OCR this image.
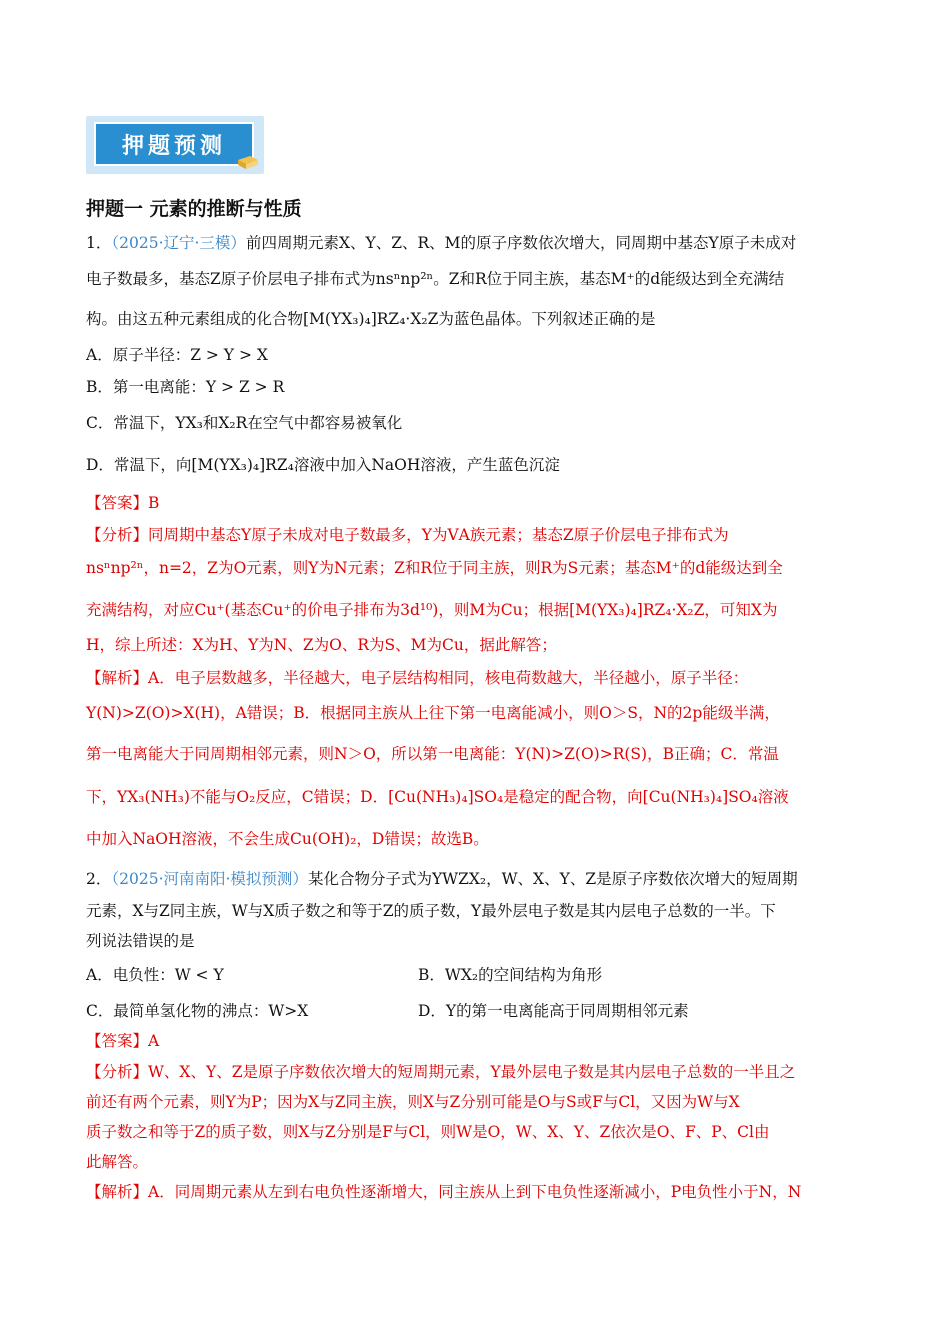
押题预测
押题一 元素的推断与性质
1．（2025·辽宁·三模）前四周期元素X、Y、Z、R、M的原子序数依次增大，同周期中基态Y原子未成对
电子数最多，基态Z原子价层电子排布式为nsⁿnp²ⁿ。Z和R位于同主族，基态M⁺的d能级达到全充满结
构。由这五种元素组成的化合物[M(YX₃)₄]RZ₄·X₂Z为蓝色晶体。下列叙述正确的是
A．原子半径：Z > Y > X
B．第一电离能：Y > Z > R
C．常温下，YX₃和X₂R在空气中都容易被氧化
D．常温下，向[M(YX₃)₄]RZ₄溶液中加入NaOH溶液，产生蓝色沉淀
【答案】B
【分析】同周期中基态Y原子未成对电子数最多，Y为ⅤA族元素；基态Z原子价层电子排布式为
nsⁿnp²ⁿ，n=2，Z为O元素，则Y为N元素；Z和R位于同主族，则R为S元素；基态M⁺的d能级达到全
充满结构，对应Cu⁺(基态Cu⁺的价电子排布为3d¹⁰)，则M为Cu；根据[M(YX₃)₄]RZ₄·X₂Z，可知X为
H，综上所述：X为H、Y为N、Z为O、R为S、M为Cu，据此解答；
【解析】A．电子层数越多，半径越大，电子层结构相同，核电荷数越大，半径越小，原子半径：
Y(N)>Z(O)>X(H)，A错误；B．根据同主族从上往下第一电离能减小，则O＞S，N的2p能级半满，
第一电离能大于同周期相邻元素，则N＞O，所以第一电离能：Y(N)>Z(O)>R(S)，B正确；C．常温
下，YX₃(NH₃)不能与O₂反应，C错误；D．[Cu(NH₃)₄]SO₄是稳定的配合物，向[Cu(NH₃)₄]SO₄溶液
中加入NaOH溶液，不会生成Cu(OH)₂，D错误；故选B。
2．（2025·河南南阳·模拟预测）某化合物分子式为YWZX₂，W、X、Y、Z是原子序数依次增大的短周期
元素，X与Z同主族，W与X质子数之和等于Z的质子数，Y最外层电子数是其内层电子总数的一半。下
列说法错误的是
A．电负性：W < Y	B．WX₂的空间结构为角形
C．最简单氢化物的沸点：W>X	D．Y的第一电离能高于同周期相邻元素
【答案】A
【分析】W、X、Y、Z是原子序数依次增大的短周期元素，Y最外层电子数是其内层电子总数的一半且之
前还有两个元素，则Y为P；因为X与Z同主族，则X与Z分别可能是O与S或F与Cl，又因为W与X
质子数之和等于Z的质子数，则X与Z分别是F与Cl，则W是O，W、X、Y、Z依次是O、F、P、Cl由
此解答。
【解析】A．同周期元素从左到右电负性逐渐增大，同主族从上到下电负性逐渐减小，P电负性小于N，N
